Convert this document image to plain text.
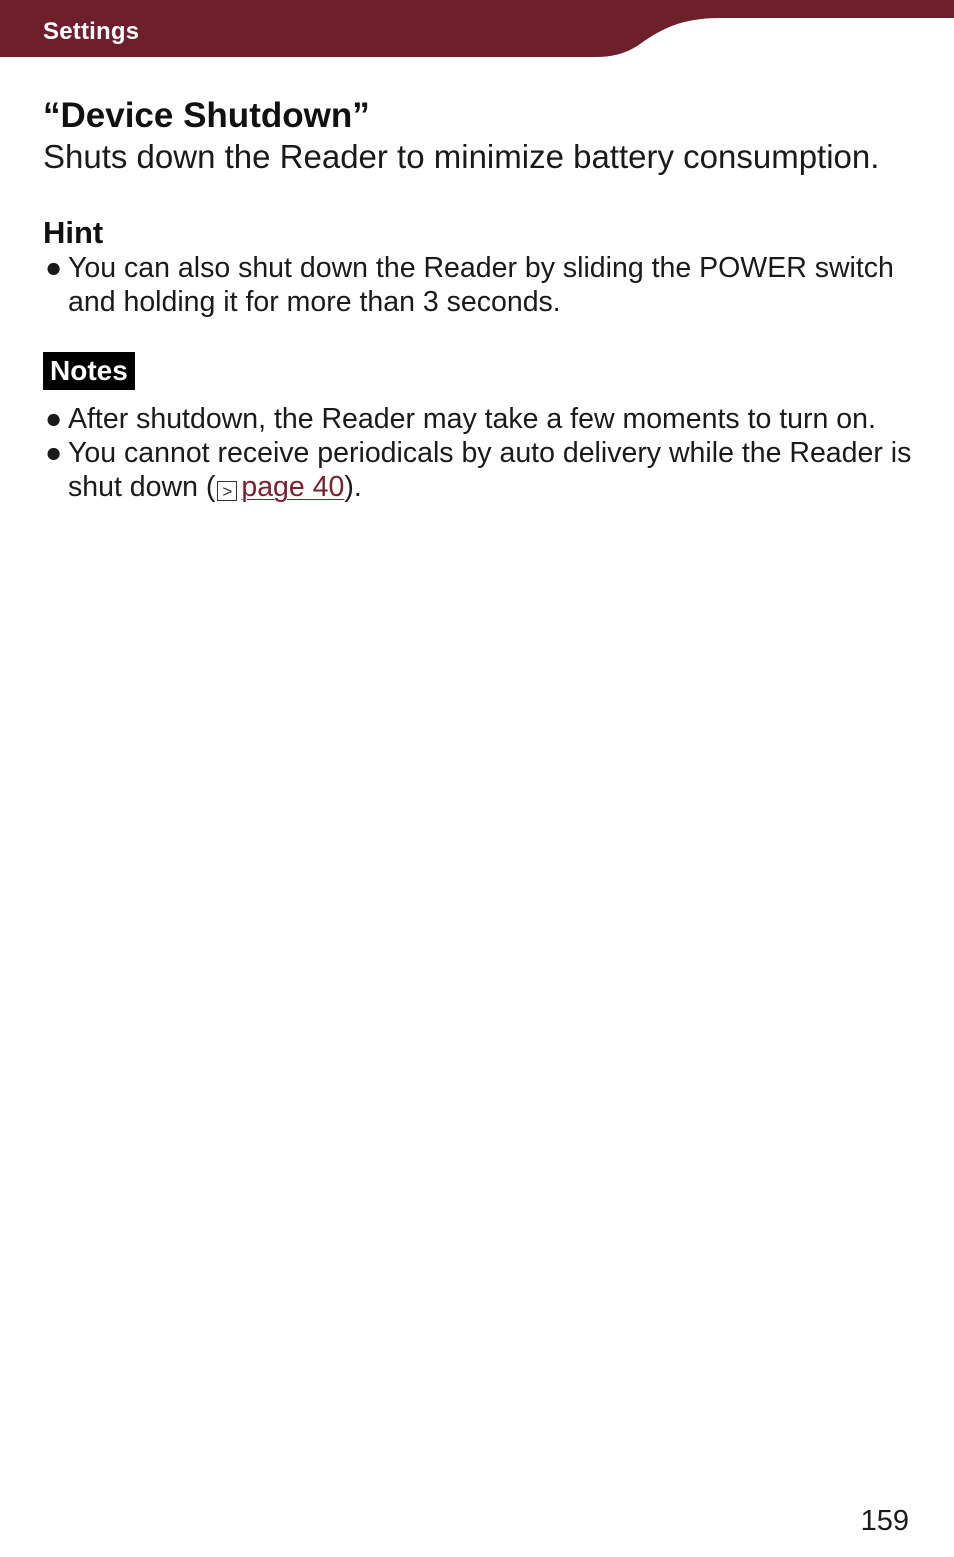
Settings
“Device Shutdown”

Shuts down the Reader to minimize battery consumption.

Hint
● You can also shut down the Reader by sliding the POWER switch and holding it for more than 3 seconds.
Notes
● After shutdown, the Reader may take a few moments to turn on.
● You cannot receive periodicals by auto delivery while the Reader is shut down ( > page 40).
159
